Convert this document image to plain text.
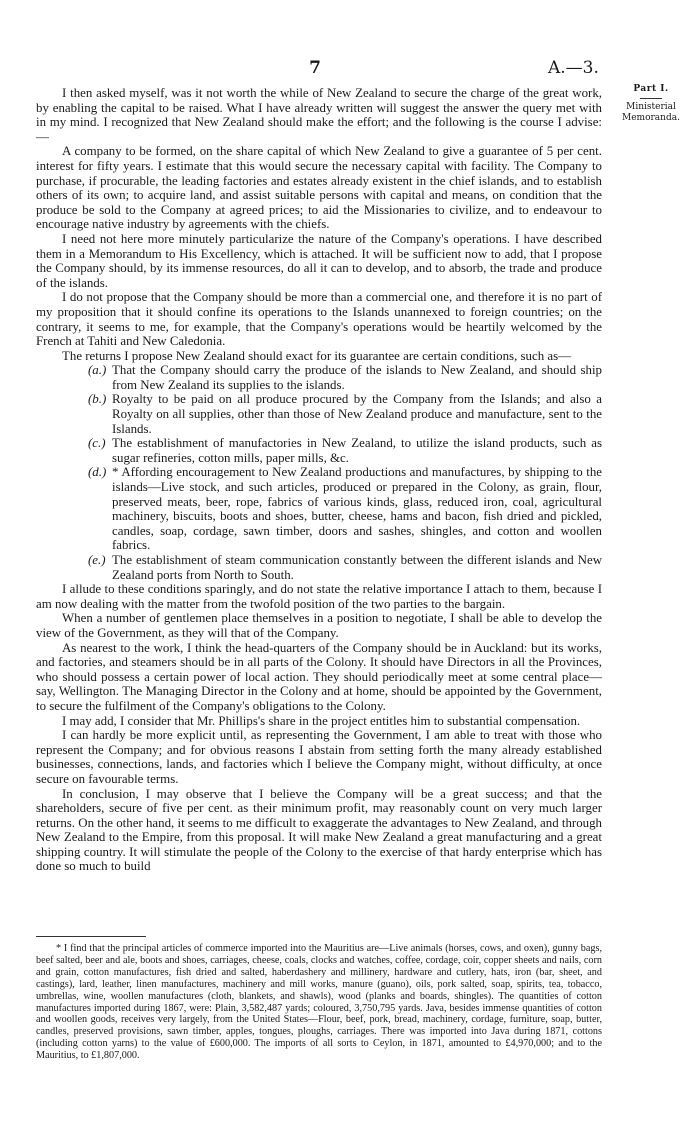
7	A.—3.
Part I.
Ministerial Memoranda.

I then asked myself, was it not worth the while of New Zealand to secure the charge of the great work, by enabling the capital to be raised. What I have already written will suggest the answer the query met with in my mind. I recognized that New Zealand should make the effort; and the following is the course I advise:—

A company to be formed, on the share capital of which New Zealand to give a guarantee of 5 per cent. interest for fifty years. I estimate that this would secure the necessary capital with facility. The Company to purchase, if procurable, the leading factories and estates already existent in the chief islands, and to establish others of its own; to acquire land, and assist suitable persons with capital and means, on condition that the produce be sold to the Company at agreed prices; to aid the Missionaries to civilize, and to endeavour to encourage native industry by agreements with the chiefs.

I need not here more minutely particularize the nature of the Company's operations. I have described them in a Memorandum to His Excellency, which is attached. It will be sufficient now to add, that I propose the Company should, by its immense resources, do all it can to develop, and to absorb, the trade and produce of the islands.

I do not propose that the Company should be more than a commercial one, and therefore it is no part of my proposition that it should confine its operations to the Islands unannexed to foreign countries; on the contrary, it seems to me, for example, that the Company's operations would be heartily welcomed by the French at Tahiti and New Caledonia.

The returns I propose New Zealand should exact for its guarantee are certain conditions, such as—

(a.) That the Company should carry the produce of the islands to New Zealand, and should ship from New Zealand its supplies to the islands.
(b.) Royalty to be paid on all produce procured by the Company from the Islands; and also a Royalty on all supplies, other than those of New Zealand produce and manufacture, sent to the Islands.
(c.) The establishment of manufactories in New Zealand, to utilize the island products, such as sugar refineries, cotton mills, paper mills, &c.
(d.) * Affording encouragement to New Zealand productions and manufactures, by shipping to the islands—Live stock, and such articles, produced or prepared in the Colony, as grain, flour, preserved meats, beer, rope, fabrics of various kinds, glass, reduced iron, coal, agricultural machinery, biscuits, boots and shoes, butter, cheese, hams and bacon, fish dried and pickled, candles, soap, cordage, sawn timber, doors and sashes, shingles, and cotton and woollen fabrics.
(e.) The establishment of steam communication constantly between the different islands and New Zealand ports from North to South.

I allude to these conditions sparingly, and do not state the relative importance I attach to them, because I am now dealing with the matter from the twofold position of the two parties to the bargain.

When a number of gentlemen place themselves in a position to negotiate, I shall be able to develop the view of the Government, as they will that of the Company.

As nearest to the work, I think the head-quarters of the Company should be in Auckland: but its works, and factories, and steamers should be in all parts of the Colony. It should have Directors in all the Provinces, who should possess a certain power of local action. They should periodically meet at some central place—say, Wellington. The Managing Director in the Colony and at home, should be appointed by the Government, to secure the fulfilment of the Company's obligations to the Colony.

I may add, I consider that Mr. Phillips's share in the project entitles him to substantial compensation.

I can hardly be more explicit until, as representing the Government, I am able to treat with those who represent the Company; and for obvious reasons I abstain from setting forth the many already established businesses, connections, lands, and factories which I believe the Company might, without difficulty, at once secure on favourable terms.

In conclusion, I may observe that I believe the Company will be a great success; and that the shareholders, secure of five per cent. as their minimum profit, may reasonably count on very much larger returns. On the other hand, it seems to me difficult to exaggerate the advantages to New Zealand, and through New Zealand to the Empire, from this proposal. It will make New Zealand a great manufacturing and a great shipping country. It will stimulate the people of the Colony to the exercise of that hardy enterprise which has done so much to build

* I find that the principal articles of commerce imported into the Mauritius are—Live animals (horses, cows, and oxen), gunny bags, beef salted, beer and ale, boots and shoes, carriages, cheese, coals, clocks and watches, coffee, cordage, coir, copper sheets and nails, corn and grain, cotton manufactures, fish dried and salted, haberdashery and millinery, hardware and cutlery, hats, iron (bar, sheet, and castings), lard, leather, linen manufactures, machinery and mill works, manure (guano), oils, pork salted, soap, spirits, tea, tobacco, umbrellas, wine, woollen manufactures (cloth, blankets, and shawls), wood (planks and boards, shingles). The quantities of cotton manufactures imported during 1867, were: Plain, 3,582,487 yards; coloured, 3,750,795 yards. Java, besides immense quantities of cotton and woollen goods, receives very largely, from the United States—Flour, beef, pork, bread, machinery, cordage, furniture, soap, butter, candles, preserved provisions, sawn timber, apples, tongues, ploughs, carriages. There was imported into Java during 1871, cottons (including cotton yarns) to the value of £600,000. The imports of all sorts to Ceylon, in 1871, amounted to £4,970,000; and to the Mauritius, to £1,807,000.
